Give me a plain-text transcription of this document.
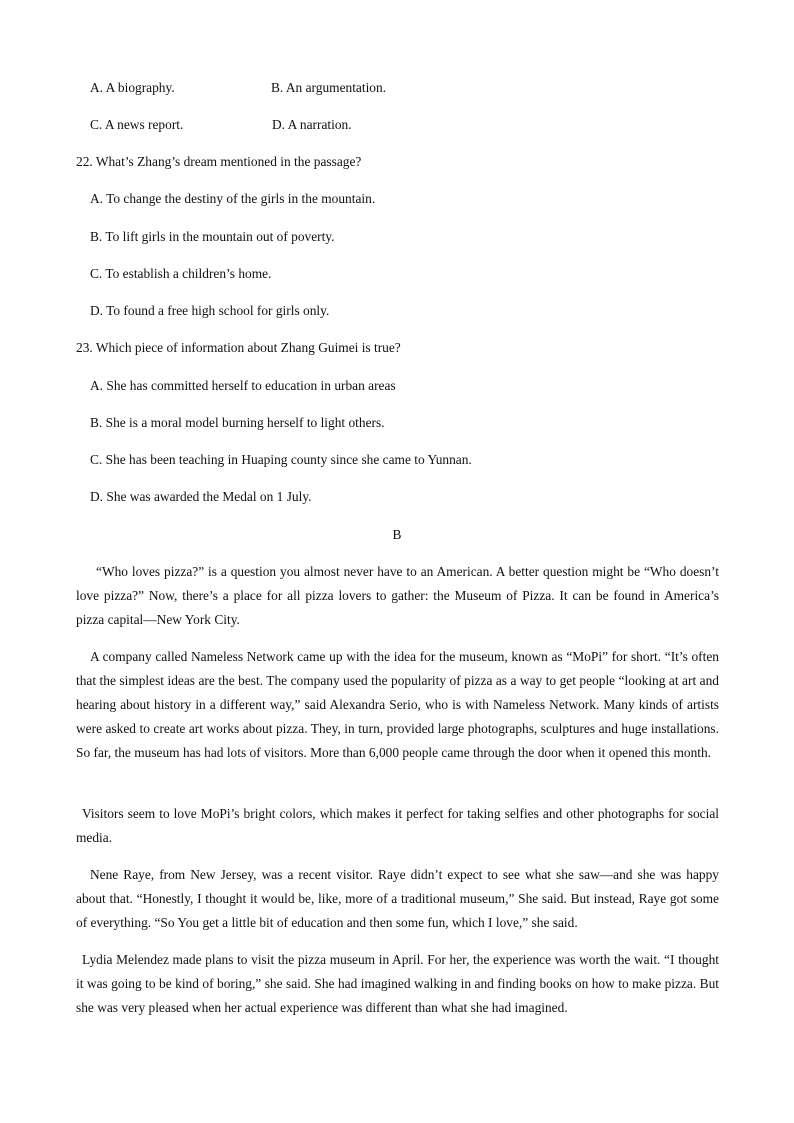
A. A biography.	B. An argumentation.
C. A news report.	D. A narration.
22. What’s Zhang’s dream mentioned in the passage?
A. To change the destiny of the girls in the mountain.
B. To lift girls in the mountain out of poverty.
C. To establish a children’s home.
D. To found a free high school for girls only.
23. Which piece of information about Zhang Guimei is true?
A. She has committed herself to education in urban areas
B. She is a moral model burning herself to light others.
C. She has been teaching in Huaping county since she came to Yunnan.
D. She was awarded the Medal on 1 July.
B

“Who loves pizza?” is a question you almost never have to an American. A better question might be “Who doesn’t love pizza?” Now, there’s a place for all pizza lovers to gather: the Museum of Pizza. It can be found in America’s pizza capital—New York City.

A company called Nameless Network came up with the idea for the museum, known as “MoPi” for short. “It’s often that the simplest ideas are the best. The company used the popularity of pizza as a way to get people “looking at art and hearing about history in a different way,” said Alexandra Serio, who is with Nameless Network. Many kinds of artists were asked to create art works about pizza. They, in turn, provided large photographs, sculptures and huge installations. So far, the museum has had lots of visitors. More than 6,000 people came through the door when it opened this month.

Visitors seem to love MoPi’s bright colors, which makes it perfect for taking selfies and other photographs for social media.

Nene Raye, from New Jersey, was a recent visitor. Raye didn’t expect to see what she saw—and she was happy about that. “Honestly, I thought it would be, like, more of a traditional museum,” She said. But instead, Raye got some of everything. “So You get a little bit of education and then some fun, which I love,” she said.

Lydia Melendez made plans to visit the pizza museum in April. For her, the experience was worth the wait. “I thought it was going to be kind of boring,” she said. She had imagined walking in and finding books on how to make pizza. But she was very pleased when her actual experience was different than what she had imagined.
